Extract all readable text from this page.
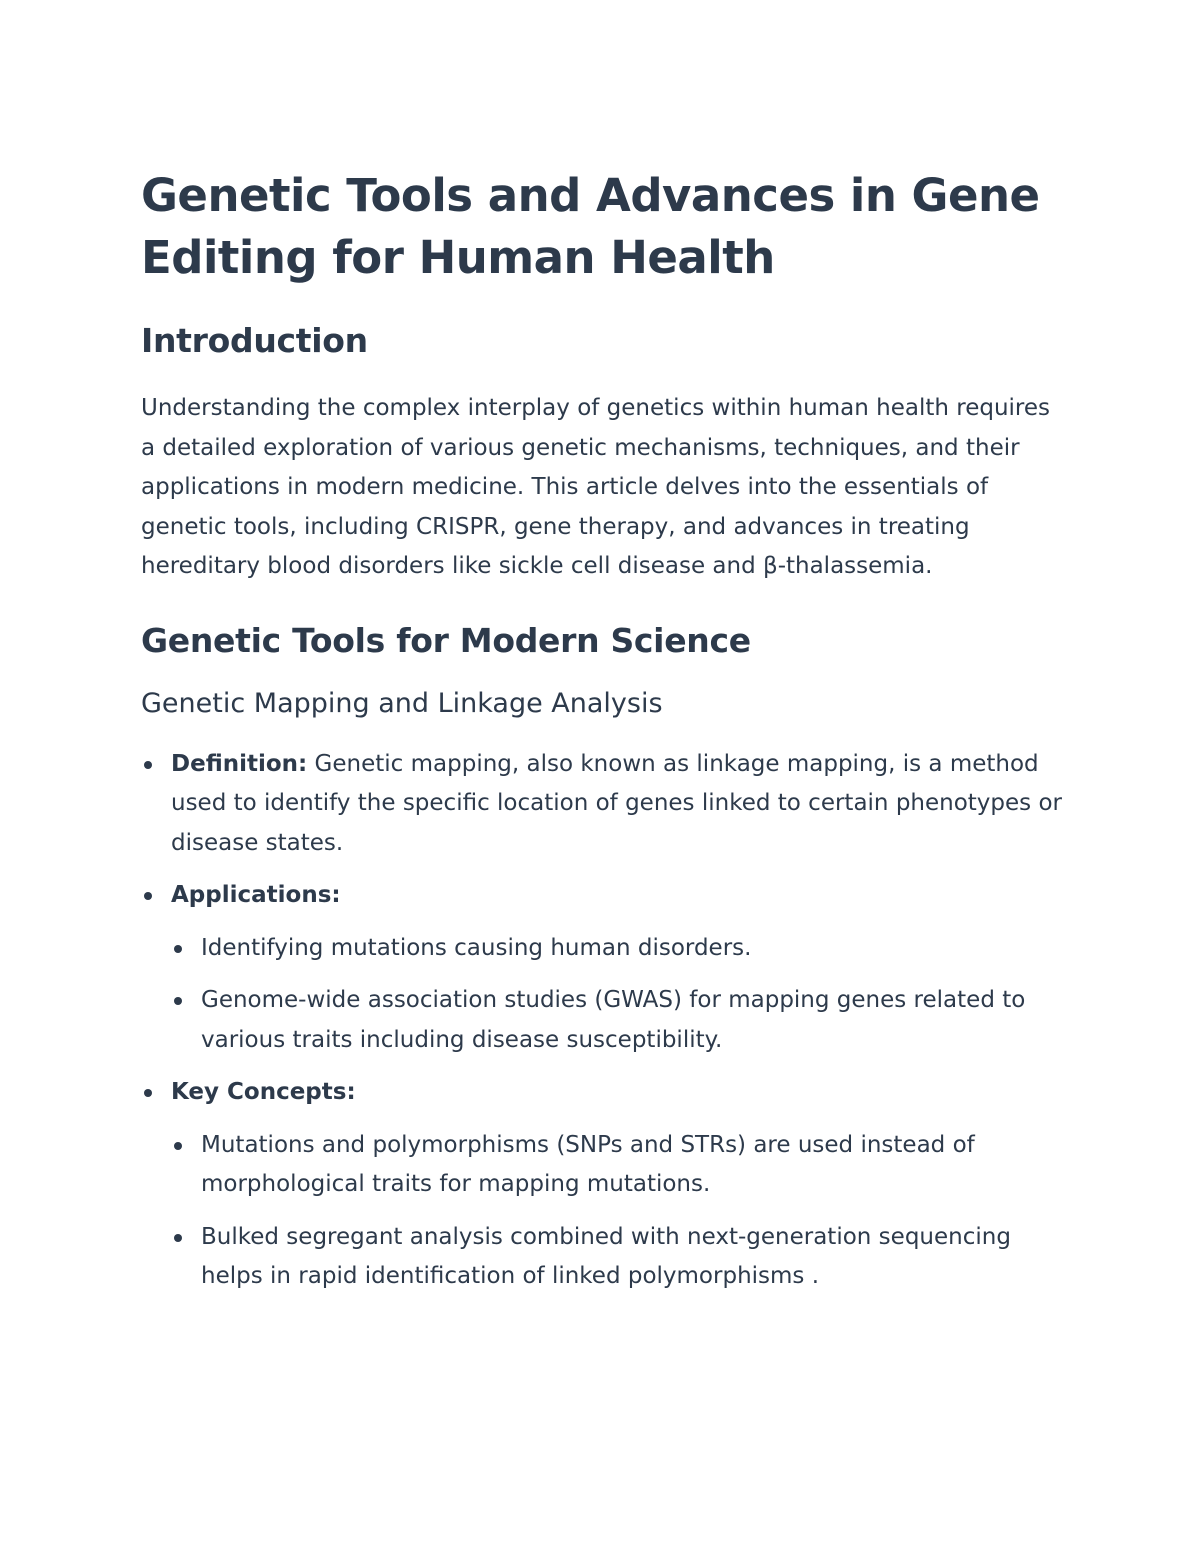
Genetic Tools and Advances in Gene Editing for Human Health
Introduction

Understanding the complex interplay of genetics within human health requires a detailed exploration of various genetic mechanisms, techniques, and their applications in modern medicine. This article delves into the essentials of genetic tools, including CRISPR, gene therapy, and advances in treating hereditary blood disorders like sickle cell disease and β-thalassemia.

Genetic Tools for Modern Science
Genetic Mapping and Linkage Analysis
Definition: Genetic mapping, also known as linkage mapping, is a method used to identify the specific location of genes linked to certain phenotypes or disease states.
Applications:
Identifying mutations causing human disorders.
Genome-wide association studies (GWAS) for mapping genes related to various traits including disease susceptibility.
Key Concepts:
Mutations and polymorphisms (SNPs and STRs) are used instead of morphological traits for mapping mutations.
Bulked segregant analysis combined with next-generation sequencing helps in rapid identification of linked polymorphisms .
